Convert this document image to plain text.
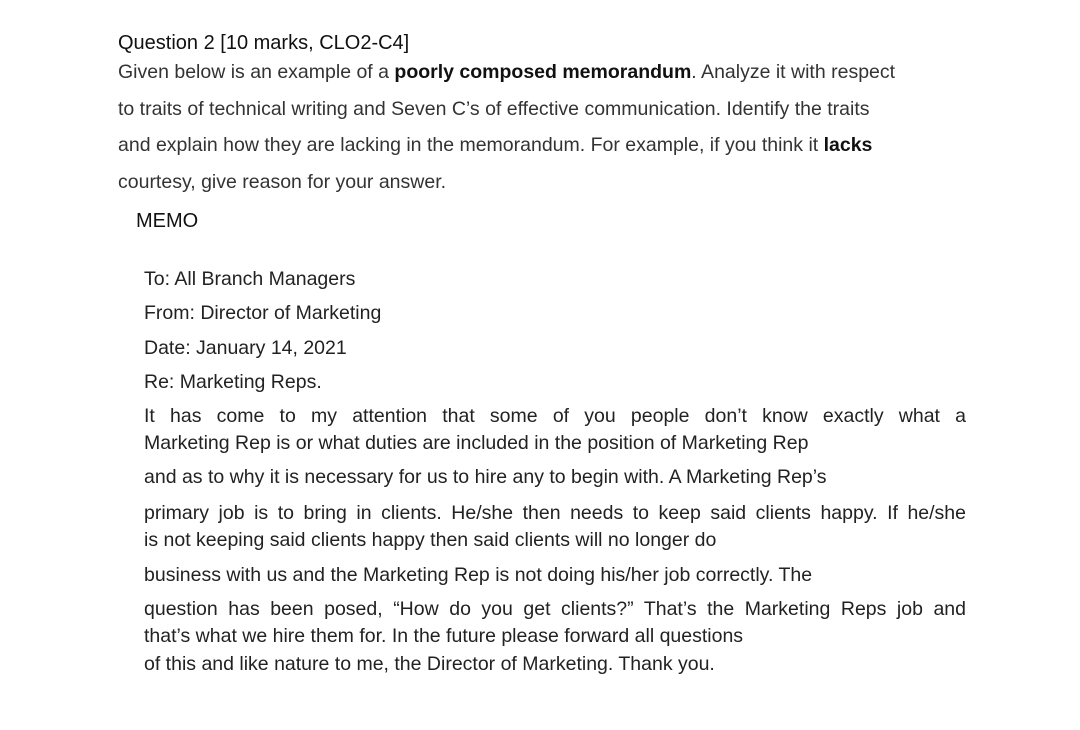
Question 2 [10 marks, CLO2-C4]
Given below is an example of a poorly composed memorandum. Analyze it with respect
to traits of technical writing and Seven C’s of effective communication. Identify the traits
and explain how they are lacking in the memorandum. For example, if you think it lacks
courtesy, give reason for your answer.
MEMO
To: All Branch Managers
From: Director of Marketing
Date: January 14, 2021
Re: Marketing Reps.
It has come to my attention that some of you people don’t know exactly what a
Marketing Rep is or what duties are included in the position of Marketing Rep
and as to why it is necessary for us to hire any to begin with. A Marketing Rep’s
primary job is to bring in clients. He/she then needs to keep said clients happy. If he/she
is not keeping said clients happy then said clients will no longer do
business with us and the Marketing Rep is not doing his/her job correctly. The
question has been posed, “How do you get clients?” That’s the Marketing Reps job and
that’s what we hire them for. In the future please forward all questions
of this and like nature to me, the Director of Marketing. Thank you.
